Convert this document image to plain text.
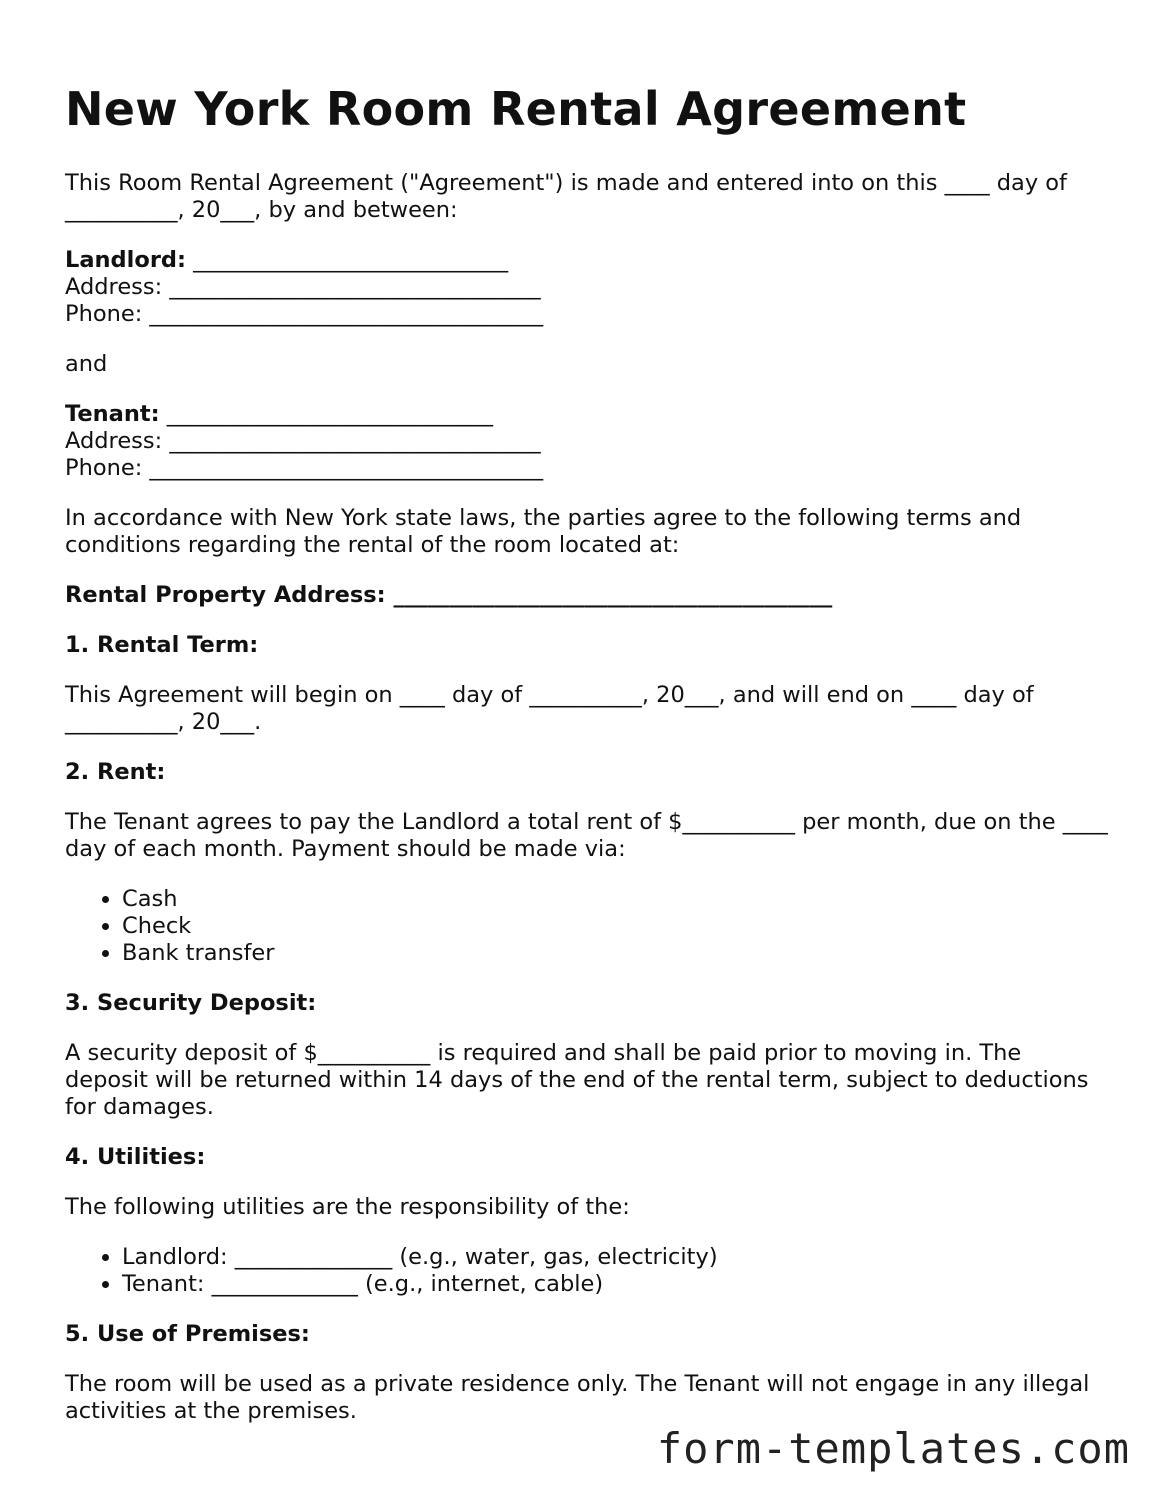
New York Room Rental Agreement

This Room Rental Agreement ("Agreement") is made and entered into on this ____ day of __________, 20___, by and between:

Landlord: ____________________________
Address: _________________________________
Phone: ___________________________________

and

Tenant: _____________________________
Address: _________________________________
Phone: ___________________________________

In accordance with New York state laws, the parties agree to the following terms and conditions regarding the rental of the room located at:

Rental Property Address: _______________________________________

1. Rental Term:

This Agreement will begin on ____ day of __________, 20___, and will end on ____ day of __________, 20___.

2. Rent:

The Tenant agrees to pay the Landlord a total rent of $__________ per month, due on the ____ day of each month. Payment should be made via:

• Cash
• Check
• Bank transfer
3. Security Deposit:

A security deposit of $__________ is required and shall be paid prior to moving in. The deposit will be returned within 14 days of the end of the rental term, subject to deductions for damages.

4. Utilities:

The following utilities are the responsibility of the:

• Landlord: ______________ (e.g., water, gas, electricity)
• Tenant: _____________ (e.g., internet, cable)
5. Use of Premises:

The room will be used as a private residence only. The Tenant will not engage in any illegal activities at the premises.

form-templates.com
